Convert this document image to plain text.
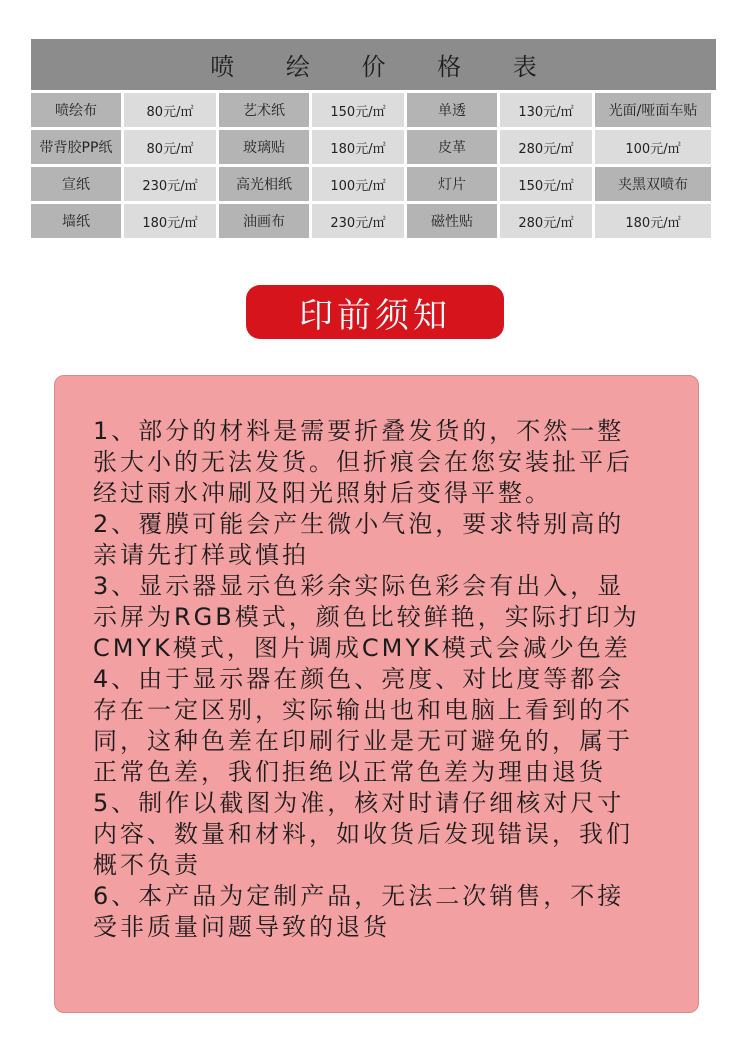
喷 绘 价 格 表
喷绘布	80元/㎡	艺术纸	150元/㎡	单透	130元/㎡	光面/哑面车贴
带背胶PP纸	80元/㎡	玻璃贴	180元/㎡	皮革	280元/㎡	100元/㎡
宣纸	230元/㎡	高光相纸	100元/㎡	灯片	150元/㎡	夹黑双喷布
墙纸	180元/㎡	油画布	230元/㎡	磁性贴	280元/㎡	180元/㎡
印前须知
1、部分的材料是需要折叠发货的，不然一整
张大小的无法发货。但折痕会在您安装扯平后
经过雨水冲刷及阳光照射后变得平整。
2、覆膜可能会产生微小气泡，要求特别高的
亲请先打样或慎拍
3、显示器显示色彩余实际色彩会有出入，显
示屏为RGB模式，颜色比较鲜艳，实际打印为
CMYK模式，图片调成CMYK模式会减少色差
4、由于显示器在颜色、亮度、对比度等都会
存在一定区别，实际输出也和电脑上看到的不
同，这种色差在印刷行业是无可避免的，属于
正常色差，我们拒绝以正常色差为理由退货
5、制作以截图为准，核对时请仔细核对尺寸
内容、数量和材料，如收货后发现错误，我们
概不负责
6、本产品为定制产品，无法二次销售，不接
受非质量问题导致的退货
